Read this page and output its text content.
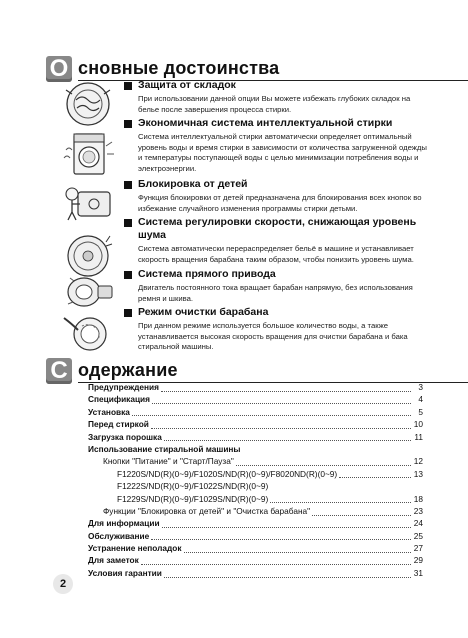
О сновные достоинства
Защита от складок
При использовании данной опции Вы можете избежать глубоких складок на белье после завершения процесса стирки.
Экономичная система интеллектуальной стирки
Система интеллектуальной стирки автоматически определяет оптимальный уровень воды и время стирки в зависимости от количества загруженной одежды и температуры поступающей воды с целью минимизации потребления воды и электроэнергии.
Блокировка от детей
Функция блокировки от детей предназначена для блокирования всех кнопок во избежание случайного изменения программы стирки детьми.
Система регулировки скорости, снижающая уровень шума
Система автоматически перераспределяет бельё в машине и устанавливает скорость вращения барабана таким образом, чтобы понизить уровень шума.
Система прямого привода
Двигатель постоянного тока вращает барабан напрямую, без использования ремня и шкива.
Режим очистки барабана
При данном режиме используется большое количество воды, а также устанавливается высокая скорость вращения для очистки барабана и бака стиральной машины.
С одержание
Предупреждения	3
Спецификация	4
Установка	5
Перед стиркой	10
Загрузка порошка	11
Использование стиральной машины
Кнопки "Питание" и "Старт/Пауза"	12
F1220S/ND(R)(0~9)/F1020S/ND(R)(0~9)/F8020ND(R)(0~9)	13
F1222S/ND(R)(0~9)/F1022S/ND(R)(0~9)
F1229S/ND(R)(0~9)/F1029S/ND(R)(0~9)	18
Функции "Блокировка от детей" и "Очистка барабана"	23
Для информации	24
Обслуживание	25
Устранение неполадок	27
Для заметок	29
Условия гарантии	31
2
